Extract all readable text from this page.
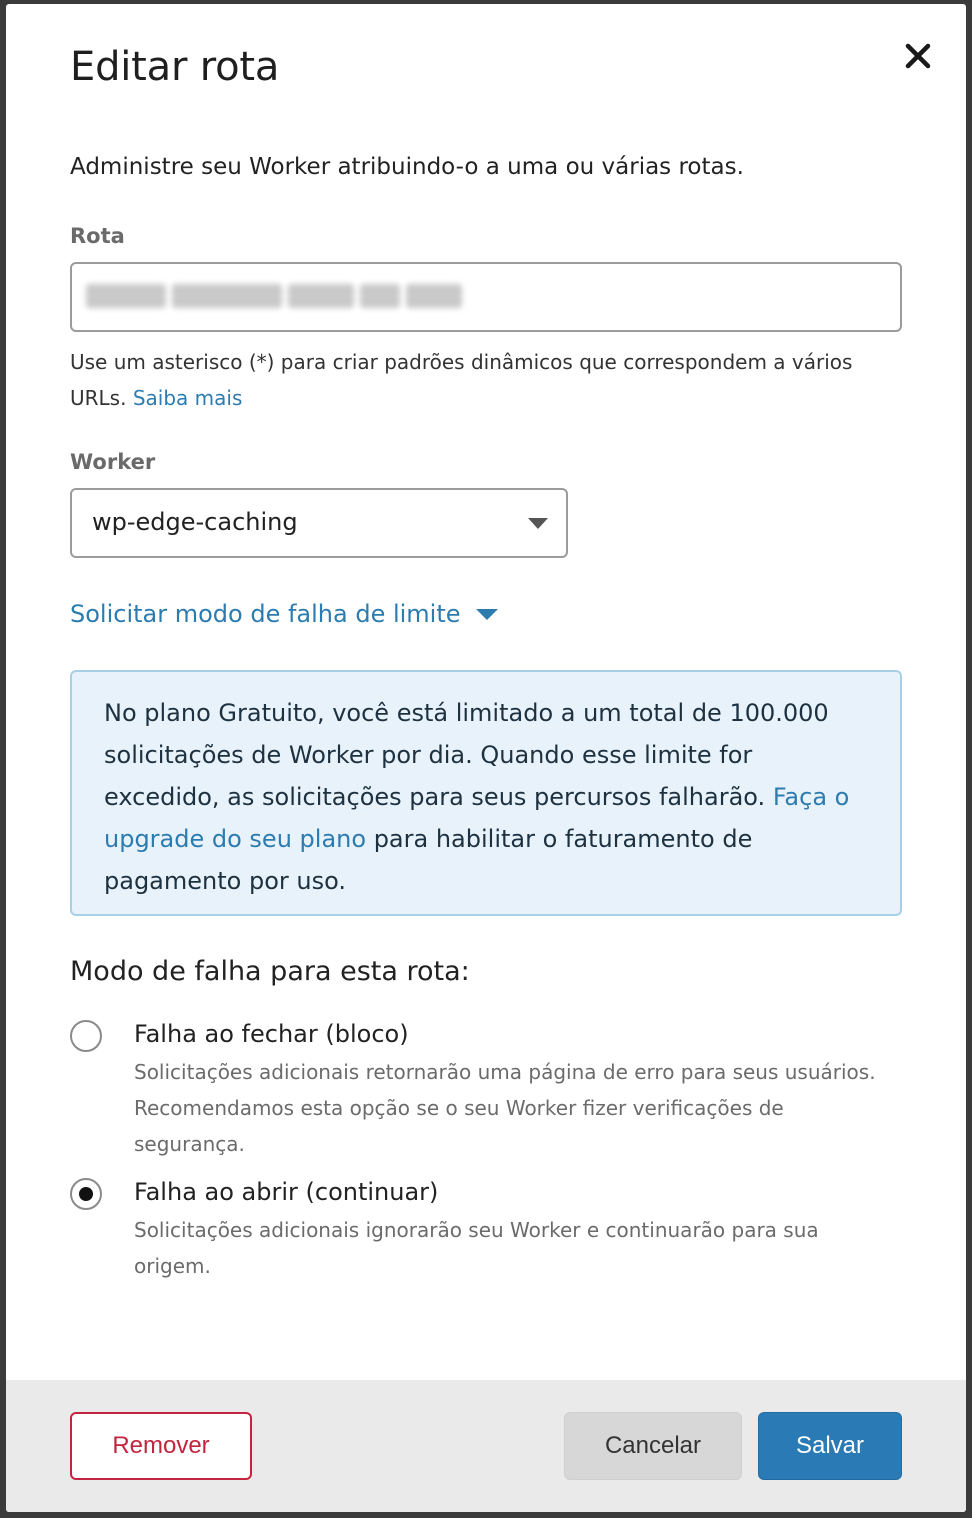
Editar rota

Administre seu Worker atribuindo-o a uma ou várias rotas.

Rota
Use um asterisco (*) para criar padrões dinâmicos que correspondem a vários URLs. Saiba mais
Worker
wp-edge-caching
Solicitar modo de falha de limite
No plano Gratuito, você está limitado a um total de 100.000 solicitações de Worker por dia. Quando esse limite for excedido, as solicitações para seus percursos falharão. Faça o upgrade do seu plano para habilitar o faturamento de pagamento por uso.
Modo de falha para esta rota:
Falha ao fechar (bloco)
Solicitações adicionais retornarão uma página de erro para seus usuários. Recomendamos esta opção se o seu Worker fizer verificações de segurança.
Falha ao abrir (continuar)
Solicitações adicionais ignorarão seu Worker e continuarão para sua origem.
Remover	Cancelar	Salvar
